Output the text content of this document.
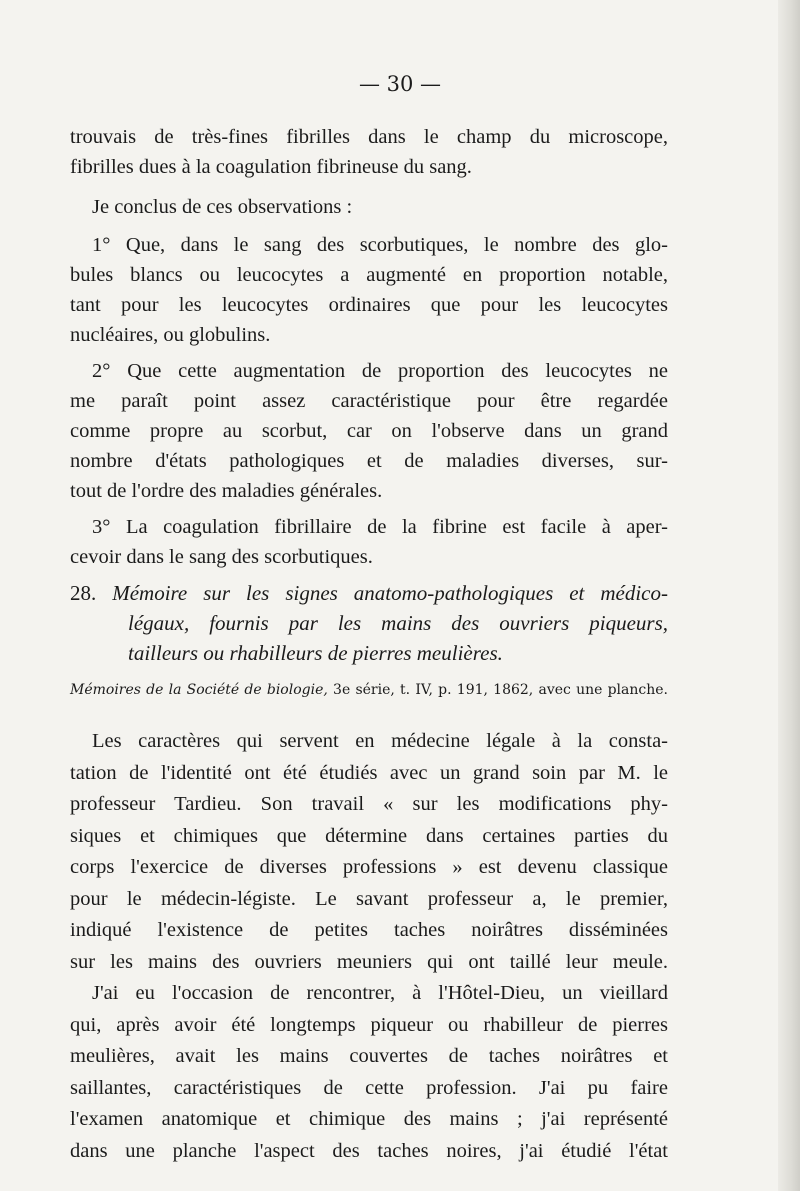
— 30 —
trouvais de très-fines fibrilles dans le champ du microscope,
fibrilles dues à la coagulation fibrineuse du sang.
Je conclus de ces observations :
1° Que, dans le sang des scorbutiques, le nombre des glo-
bules blancs ou leucocytes a augmenté en proportion notable,
tant pour les leucocytes ordinaires que pour les leucocytes
nucléaires, ou globulins.
2° Que cette augmentation de proportion des leucocytes ne
me paraît point assez caractéristique pour être regardée
comme propre au scorbut, car on l'observe dans un grand
nombre d'états pathologiques et de maladies diverses, sur-
tout de l'ordre des maladies générales.
3° La coagulation fibrillaire de la fibrine est facile à aper-
cevoir dans le sang des scorbutiques.
28. Mémoire sur les signes anatomo-pathologiques et médico-
légaux, fournis par les mains des ouvriers piqueurs,
tailleurs ou rhabilleurs de pierres meulières.
Mémoires de la Société de biologie, 3e série, t. IV, p. 191, 1862, avec une planche.
Les caractères qui servent en médecine légale à la consta-
tation de l'identité ont été étudiés avec un grand soin par M. le
professeur Tardieu. Son travail « sur les modifications phy-
siques et chimiques que détermine dans certaines parties du
corps l'exercice de diverses professions » est devenu classique
pour le médecin-légiste. Le savant professeur a, le premier,
indiqué l'existence de petites taches noirâtres disséminées
sur les mains des ouvriers meuniers qui ont taillé leur meule.
J'ai eu l'occasion de rencontrer, à l'Hôtel-Dieu, un vieillard
qui, après avoir été longtemps piqueur ou rhabilleur de pierres
meulières, avait les mains couvertes de taches noirâtres et
saillantes, caractéristiques de cette profession. J'ai pu faire
l'examen anatomique et chimique des mains ; j'ai représenté
dans une planche l'aspect des taches noires, j'ai étudié l'état
